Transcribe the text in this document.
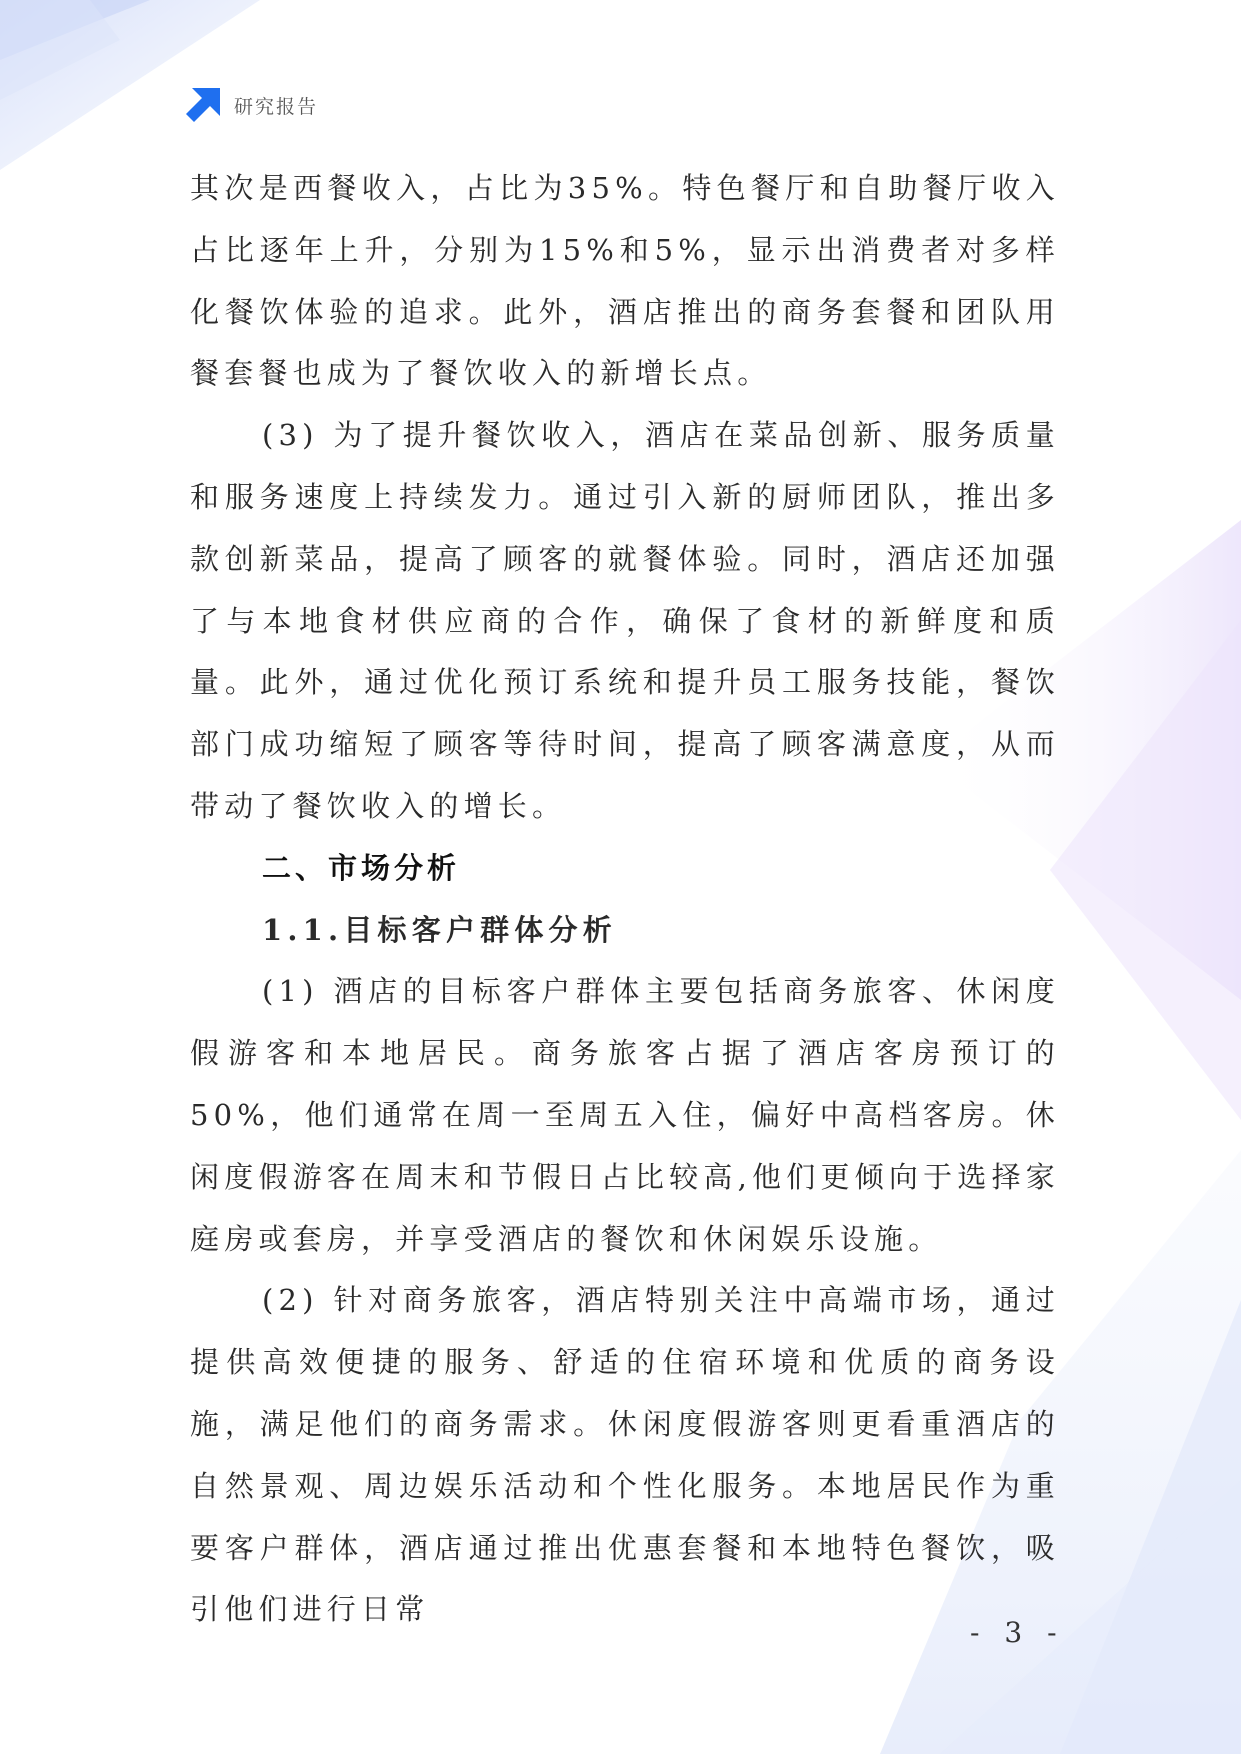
研究报告

其次是西餐收入，占比为35%。特色餐厅和自助餐厅收入占比逐年上升，分别为15%和5%，显示出消费者对多样化餐饮体验的追求。此外，酒店推出的商务套餐和团队用餐套餐也成为了餐饮收入的新增长点。

(3) 为了提升餐饮收入，酒店在菜品创新、服务质量和服务速度上持续发力。通过引入新的厨师团队，推出多款创新菜品，提高了顾客的就餐体验。同时，酒店还加强了与本地食材供应商的合作，确保了食材的新鲜度和质量。此外，通过优化预订系统和提升员工服务技能，餐饮部门成功缩短了顾客等待时间，提高了顾客满意度，从而带动了餐饮收入的增长。

二、市场分析
1.1.目标客户群体分析

(1) 酒店的目标客户群体主要包括商务旅客、休闲度假游客和本地居民。商务旅客占据了酒店客房预订的50%，他们通常在周一至周五入住，偏好中高档客房。休闲度假游客在周末和节假日占比较高,他们更倾向于选择家庭房或套房，并享受酒店的餐饮和休闲娱乐设施。

(2) 针对商务旅客，酒店特别关注中高端市场，通过提供高效便捷的服务、舒适的住宿环境和优质的商务设施，满足他们的商务需求。休闲度假游客则更看重酒店的自然景观、周边娱乐活动和个性化服务。本地居民作为重要客户群体，酒店通过推出优惠套餐和本地特色餐饮，吸引他们进行日常

- 3 -
